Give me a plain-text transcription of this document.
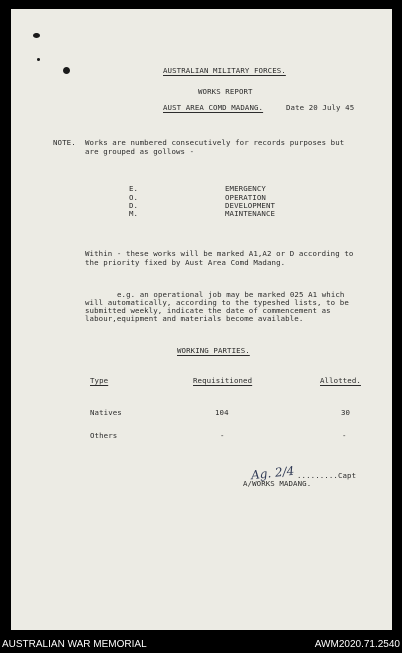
AUSTRALIAN MILITARY FORCES.
WORKS REPORT
AUST AREA COMD MADANG.	Date 20 July 45
NOTE. Works are numbered consecutively for records purposes but
are grouped as gollows -
E.	EMERGENCY
O.	OPERATION
D.	DEVELOPMENT
M.	MAINTENANCE
Within - these works will be marked A1,A2 or D according to
the priority fixed by Aust Area Comd Madang.
e.g. an operational job may be marked 025 A1 which
will automatically, according to the typeshed lists, to be
submitted weekly, indicate the date of commencement as
labour,equipment and materials become available.
WORKING PARTIES.
Type	Requisitioned	Allotted.
Natives	104	30
Others	-	-
Ag. 2/4 .........Capt
A/WORKS MADANG.
AUSTRALIAN WAR MEMORIAL	AWM2020.71.2540
